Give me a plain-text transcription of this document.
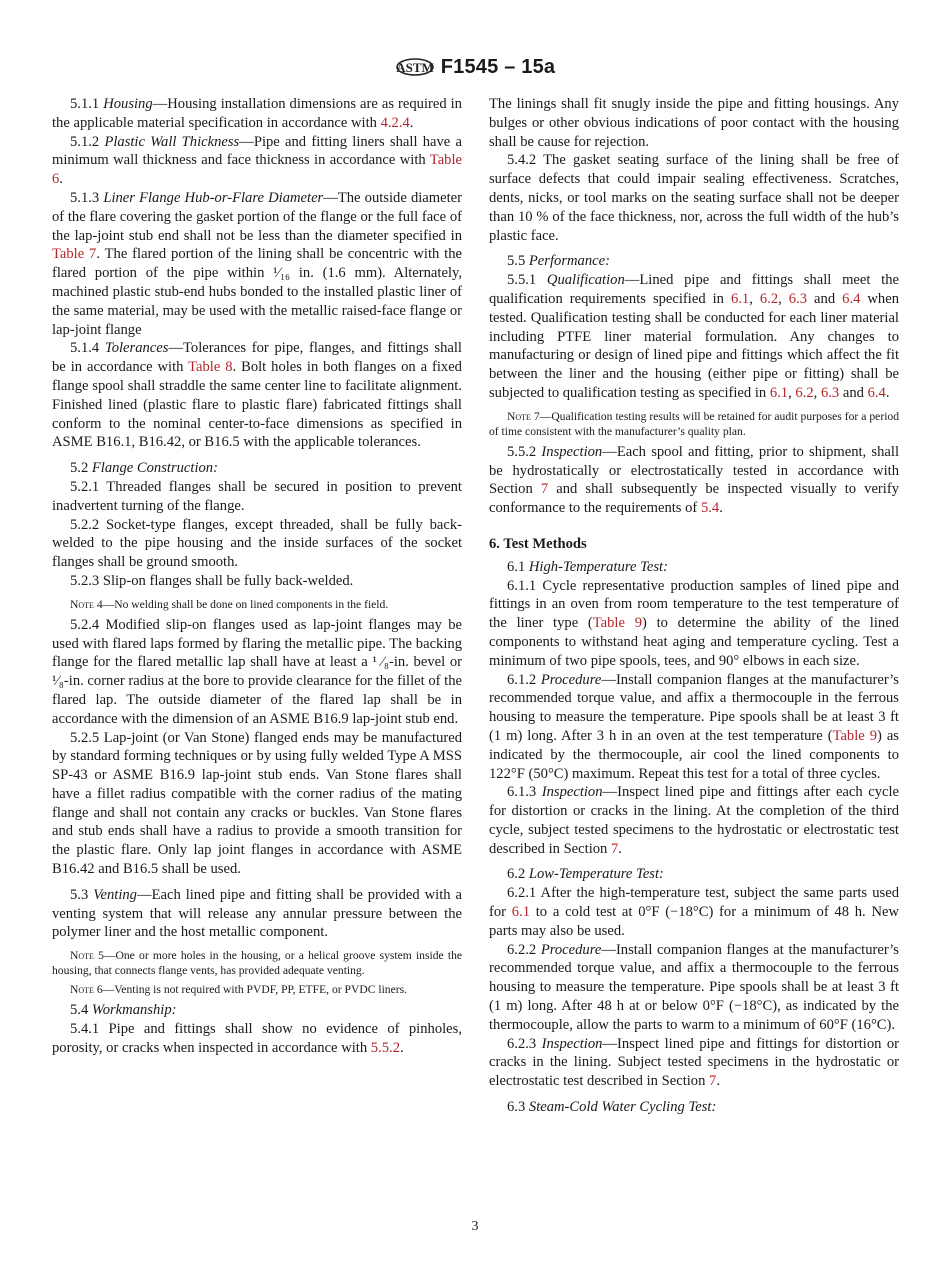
ASTM F1545 – 15a

5.1.1 Housing—Housing installation dimensions are as required in the applicable material specification in accordance with 4.2.4.

5.1.2 Plastic Wall Thickness—Pipe and fitting liners shall have a minimum wall thickness and face thickness in accordance with Table 6.

5.1.3 Liner Flange Hub-or-Flare Diameter—The outside diameter of the flare covering the gasket portion of the flange or the full face of the lap-joint stub end shall not be less than the diameter specified in Table 7. The flared portion of the lining shall be concentric with the flared portion of the pipe within ¹⁄₁₆ in. (1.6 mm). Alternately, machined plastic stub-end hubs bonded to the installed plastic liner of the same material, may be used with the metallic raised-face flange or lap-joint flange

5.1.4 Tolerances—Tolerances for pipe, flanges, and fittings shall be in accordance with Table 8. Bolt holes in both flanges on a fixed flange spool shall straddle the same center line to facilitate alignment. Finished lined (plastic flare to plastic flare) fabricated fittings shall conform to the nominal center-to-face dimensions as specified in ASME B16.1, B16.42, or B16.5 with the applicable tolerances.

5.2 Flange Construction:

5.2.1 Threaded flanges shall be secured in position to prevent inadvertent turning of the flange.

5.2.2 Socket-type flanges, except threaded, shall be fully back-welded to the pipe housing and the inside surfaces of the socket flanges shall be ground smooth.

5.2.3 Slip-on flanges shall be fully back-welded.

Note 4—No welding shall be done on lined components in the field.

5.2.4 Modified slip-on flanges used as lap-joint flanges may be used with flared laps formed by flaring the metallic pipe. The backing flange for the flared metallic lap shall have at least a ¹ ⁄₈-in. bevel or ¹⁄₈-in. corner radius at the bore to provide clearance for the fillet of the flared lap. The outside diameter of the flared lap shall be in accordance with the dimension of an ASME B16.9 lap-joint stub end.

5.2.5 Lap-joint (or Van Stone) flanged ends may be manufactured by standard forming techniques or by using fully welded Type A MSS SP-43 or ASME B16.9 lap-joint stub ends. Van Stone flares shall have a fillet radius compatible with the corner radius of the mating flange and shall not contain any cracks or buckles. Van Stone flares and stub ends shall have a radius to provide a smooth transition for the plastic flare. Only lap joint flanges in accordance with ASME B16.42 and B16.5 shall be used.

5.3 Venting—Each lined pipe and fitting shall be provided with a venting system that will release any annular pressure between the polymer liner and the host metallic component.

Note 5—One or more holes in the housing, or a helical groove system inside the housing, that connects flange vents, has provided adequate venting.

Note 6—Venting is not required with PVDF, PP, ETFE, or PVDC liners.

5.4 Workmanship:

5.4.1 Pipe and fittings shall show no evidence of pinholes, porosity, or cracks when inspected in accordance with 5.5.2.

The linings shall fit snugly inside the pipe and fitting housings. Any bulges or other obvious indications of poor contact with the housing shall be cause for rejection.

5.4.2 The gasket seating surface of the lining shall be free of surface defects that could impair sealing effectiveness. Scratches, dents, nicks, or tool marks on the seating surface shall not be deeper than 10 % of the face thickness, nor, across the full width of the hub’s plastic face.

5.5 Performance:

5.5.1 Qualification—Lined pipe and fittings shall meet the qualification requirements specified in 6.1, 6.2, 6.3 and 6.4 when tested. Qualification testing shall be conducted for each liner material including PTFE liner material formulation. Any changes to manufacturing or design of lined pipe and fittings which affect the fit between the liner and the housing (either pipe or fitting) shall be subjected to qualification testing as specified in 6.1, 6.2, 6.3 and 6.4.

Note 7—Qualification testing results will be retained for audit purposes for a period of time consistent with the manufacturer’s quality plan.

5.5.2 Inspection—Each spool and fitting, prior to shipment, shall be hydrostatically or electrostatically tested in accordance with Section 7 and shall subsequently be inspected visually to verify conformance to the requirements of 5.4.

6. Test Methods

6.1 High-Temperature Test:

6.1.1 Cycle representative production samples of lined pipe and fittings in an oven from room temperature to the test temperature of the liner type (Table 9) to determine the ability of the lined components to withstand heat aging and temperature cycling. Test a minimum of two pipe spools, tees, and 90° elbows in each size.

6.1.2 Procedure—Install companion flanges at the manufacturer’s recommended torque value, and affix a thermocouple in the ferrous housing to measure the temperature. Pipe spools shall be at least 3 ft (1 m) long. After 3 h in an oven at the test temperature (Table 9) as indicated by the thermocouple, air cool the lined components to 122°F (50°C) maximum. Repeat this test for a total of three cycles.

6.1.3 Inspection—Inspect lined pipe and fittings after each cycle for distortion or cracks in the lining. At the completion of the third cycle, subject tested specimens to the hydrostatic or electrostatic test described in Section 7.

6.2 Low-Temperature Test:

6.2.1 After the high-temperature test, subject the same parts used for 6.1 to a cold test at 0°F (−18°C) for a minimum of 48 h. New parts may also be used.

6.2.2 Procedure—Install companion flanges at the manufacturer’s recommended torque value, and affix a thermocouple to the ferrous housing to measure the temperature. Pipe spools shall be at least 3 ft (1 m) long. After 48 h at or below 0°F (−18°C), as indicated by the thermocouple, allow the parts to warm to a minimum of 60°F (16°C).

6.2.3 Inspection—Inspect lined pipe and fittings for distortion or cracks in the lining. Subject tested specimens in the hydrostatic or electrostatic test described in Section 7.

6.3 Steam-Cold Water Cycling Test:

3
